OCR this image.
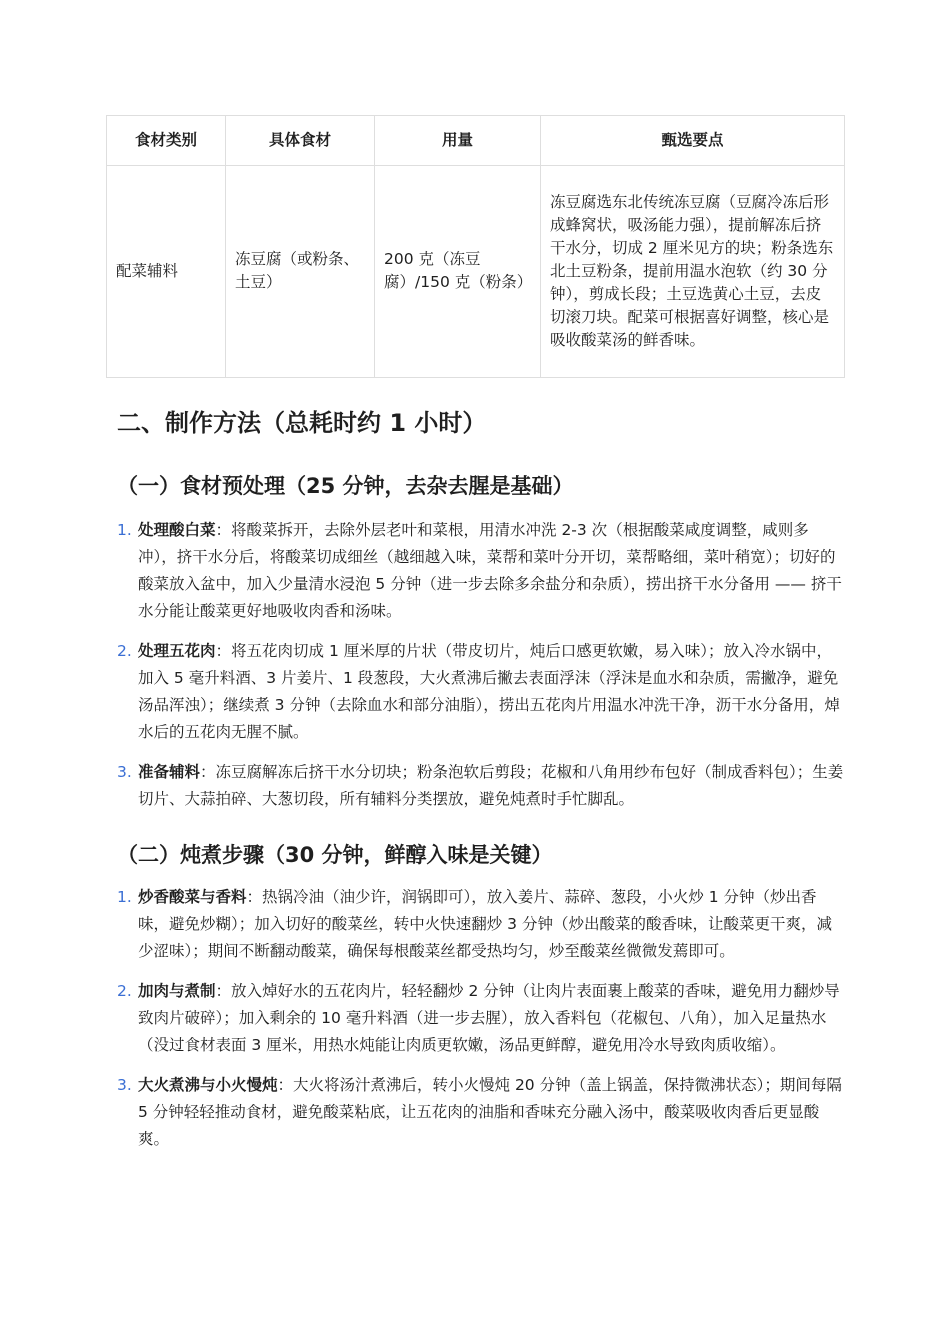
食材类别	具体食材	用量	甄选要点
配菜辅料	冻豆腐（或粉条、土豆）	200 克（冻豆腐）/150 克（粉条）	冻豆腐选东北传统冻豆腐（豆腐冷冻后形成蜂窝状，吸汤能力强），提前解冻后挤干水分，切成 2 厘米见方的块；粉条选东北土豆粉条，提前用温水泡软（约 30 分钟），剪成长段；土豆选黄心土豆，去皮切滚刀块。配菜可根据喜好调整，核心是吸收酸菜汤的鲜香味。
二、制作方法（总耗时约 1 小时）
（一）食材预处理（25 分钟，去杂去腥是基础）
1. 处理酸白菜：将酸菜拆开，去除外层老叶和菜根，用清水冲洗 2-3 次（根据酸菜咸度调整，咸则多冲），挤干水分后，将酸菜切成细丝（越细越入味，菜帮和菜叶分开切，菜帮略细，菜叶稍宽）；切好的酸菜放入盆中，加入少量清水浸泡 5 分钟（进一步去除多余盐分和杂质），捞出挤干水分备用 —— 挤干水分能让酸菜更好地吸收肉香和汤味。
2. 处理五花肉：将五花肉切成 1 厘米厚的片状（带皮切片，炖后口感更软嫩，易入味）；放入冷水锅中，加入 5 毫升料酒、3 片姜片、1 段葱段，大火煮沸后撇去表面浮沫（浮沫是血水和杂质，需撇净，避免汤品浑浊）；继续煮 3 分钟（去除血水和部分油脂），捞出五花肉片用温水冲洗干净，沥干水分备用，焯水后的五花肉无腥不腻。
3. 准备辅料：冻豆腐解冻后挤干水分切块；粉条泡软后剪段；花椒和八角用纱布包好（制成香料包）；生姜切片、大蒜拍碎、大葱切段，所有辅料分类摆放，避免炖煮时手忙脚乱。
（二）炖煮步骤（30 分钟，鲜醇入味是关键）
1. 炒香酸菜与香料：热锅冷油（油少许，润锅即可），放入姜片、蒜碎、葱段，小火炒 1 分钟（炒出香味，避免炒糊）；加入切好的酸菜丝，转中火快速翻炒 3 分钟（炒出酸菜的酸香味，让酸菜更干爽，减少涩味）；期间不断翻动酸菜，确保每根酸菜丝都受热均匀，炒至酸菜丝微微发蔫即可。
2. 加肉与煮制：放入焯好水的五花肉片，轻轻翻炒 2 分钟（让肉片表面裹上酸菜的香味，避免用力翻炒导致肉片破碎）；加入剩余的 10 毫升料酒（进一步去腥），放入香料包（花椒包、八角），加入足量热水（没过食材表面 3 厘米，用热水炖能让肉质更软嫩，汤品更鲜醇，避免用冷水导致肉质收缩）。
3. 大火煮沸与小火慢炖：大火将汤汁煮沸后，转小火慢炖 20 分钟（盖上锅盖，保持微沸状态）；期间每隔 5 分钟轻轻推动食材，避免酸菜粘底，让五花肉的油脂和香味充分融入汤中，酸菜吸收肉香后更显酸爽。
